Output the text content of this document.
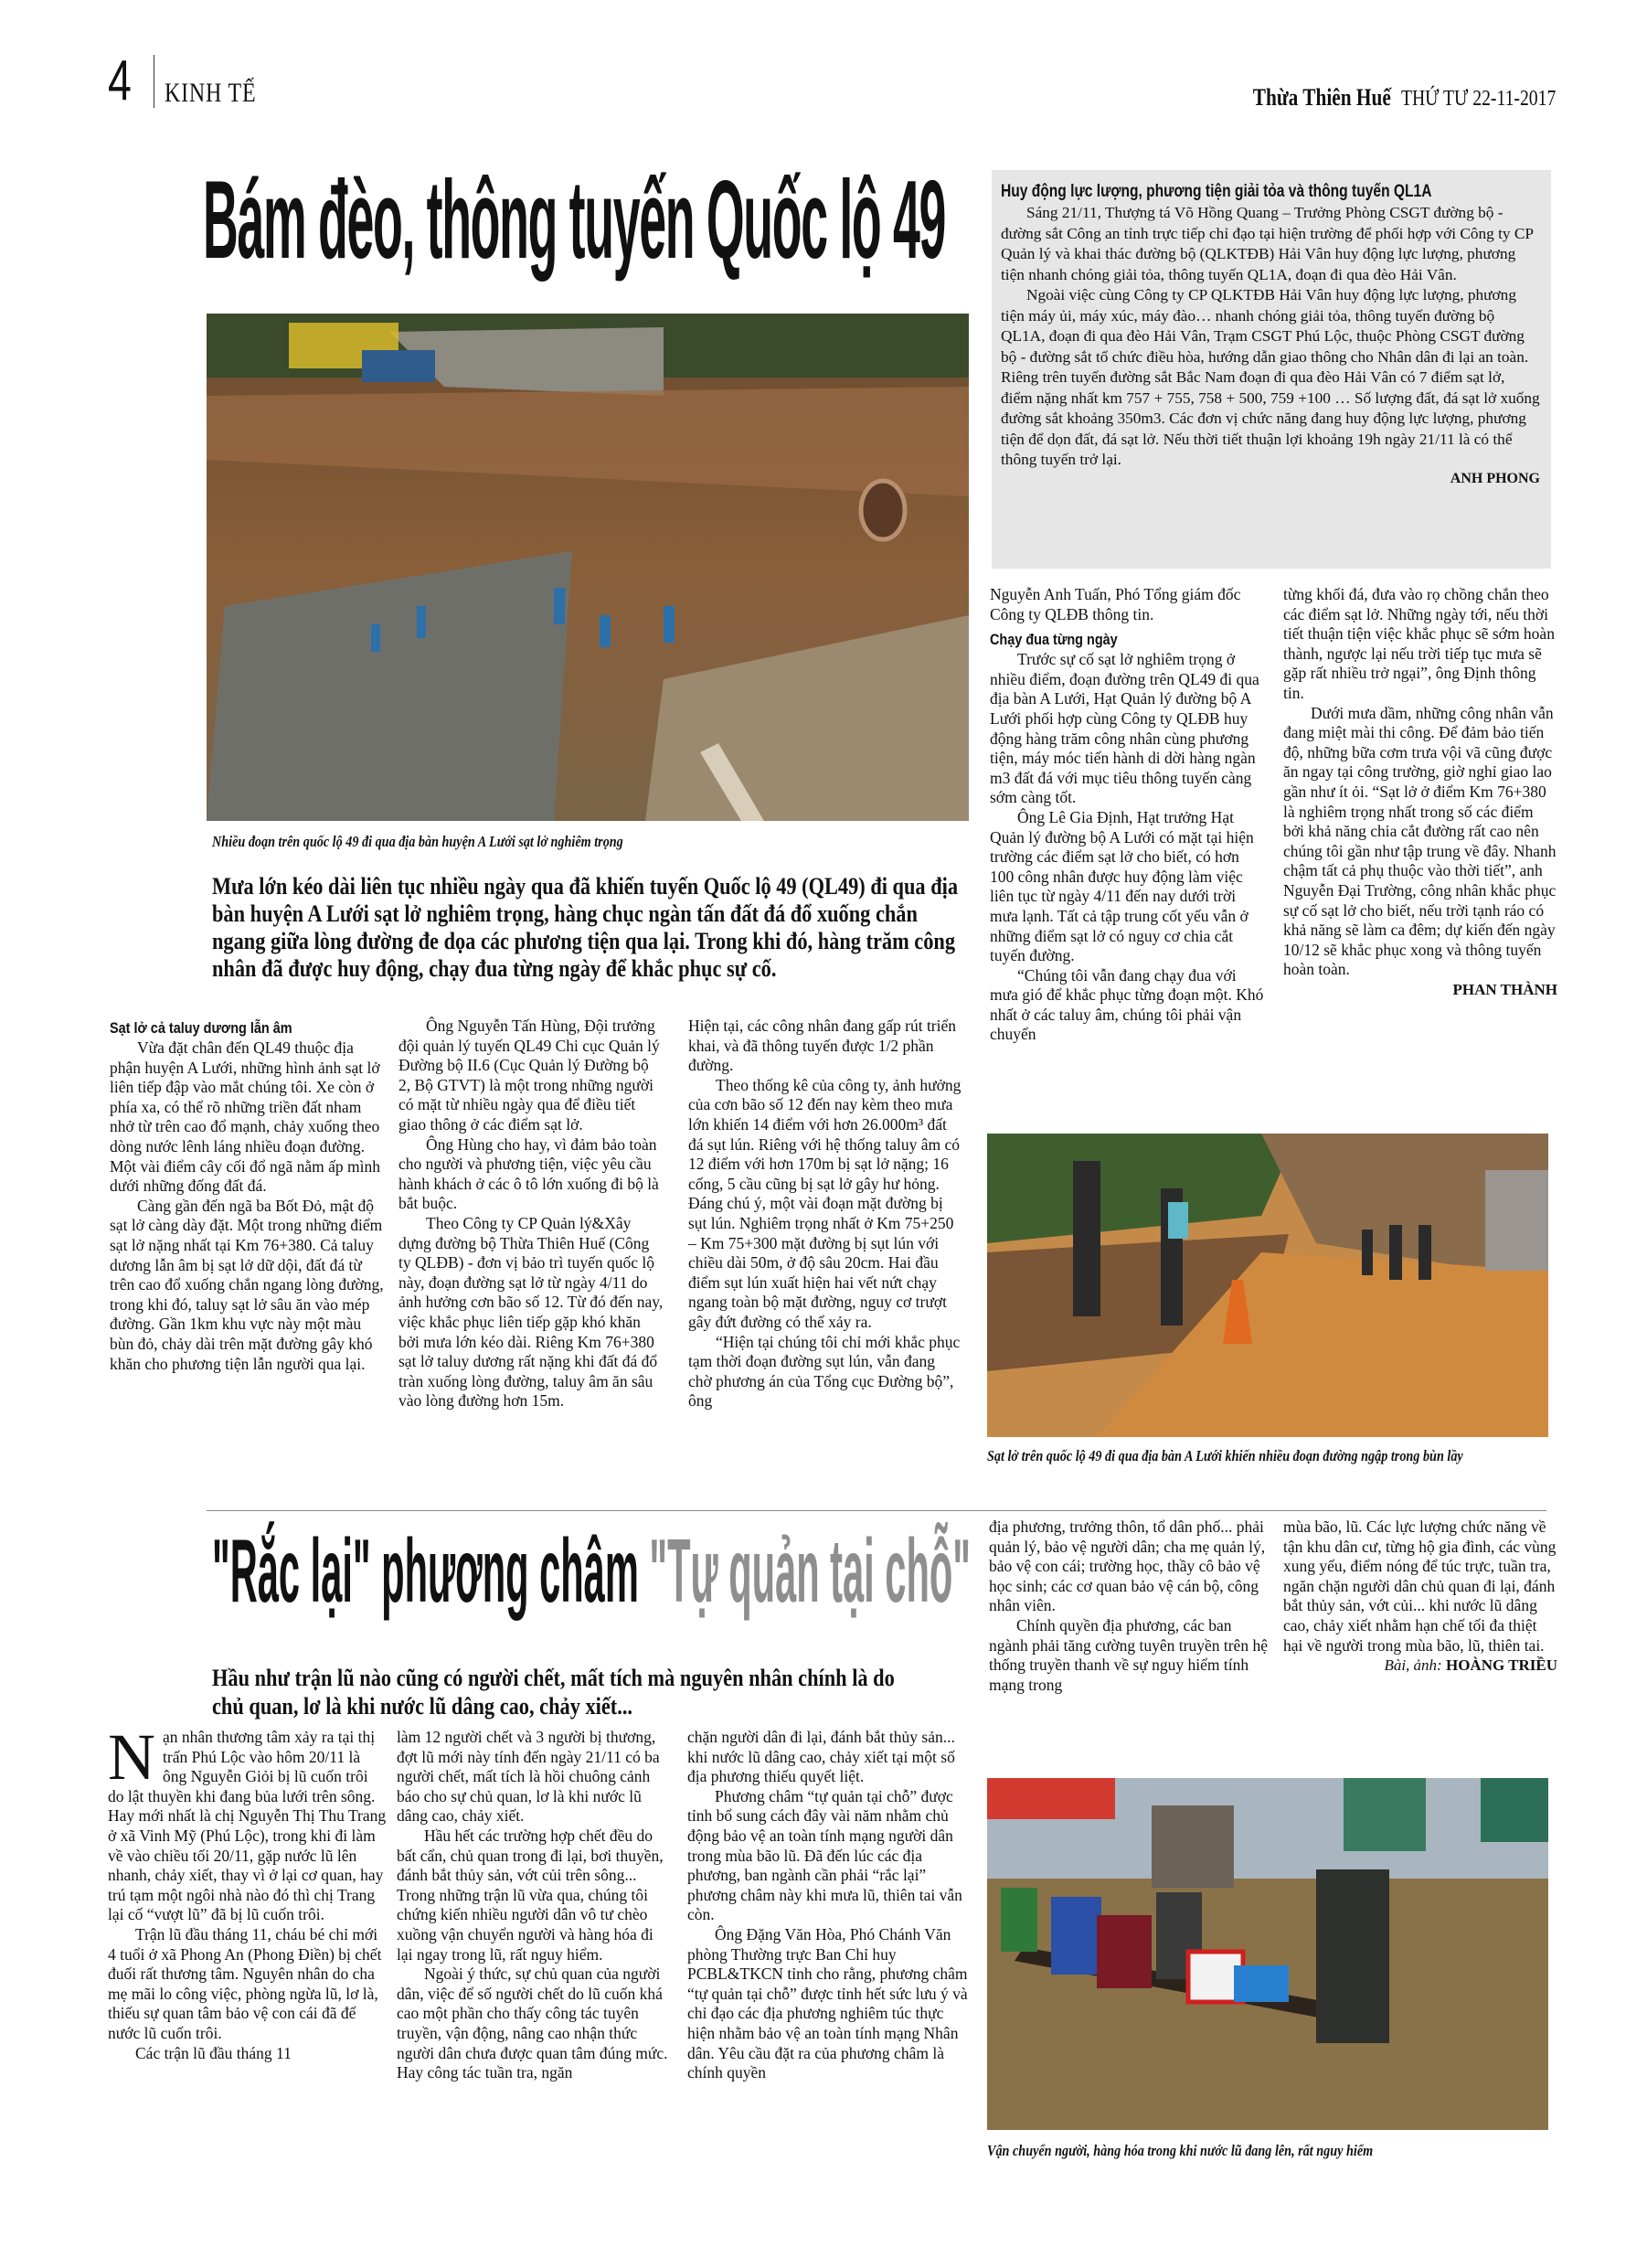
4 KINH TẾ	Thừa Thiên Huế THỨ TƯ 22-11-2017
Bám đèo, thông tuyến Quốc lộ 49
Nhiều đoạn trên quốc lộ 49 đi qua địa bàn huyện A Lưới sạt lở nghiêm trọng
Huy động lực lượng, phương tiện giải tỏa và thông tuyến QL1A

Sáng 21/11, Thượng tá Võ Hồng Quang – Trưởng Phòng CSGT đường bộ - đường sắt Công an tỉnh trực tiếp chỉ đạo tại hiện trường để phối hợp với Công ty CP Quản lý và khai thác đường bộ (QLKTĐB) Hải Vân huy động lực lượng, phương tiện nhanh chóng giải tỏa, thông tuyến QL1A, đoạn đi qua đèo Hải Vân.

Ngoài việc cùng Công ty CP QLKTĐB Hải Vân huy động lực lượng, phương tiện máy ủi, máy xúc, máy đào… nhanh chóng giải tỏa, thông tuyến đường bộ QL1A, đoạn đi qua đèo Hải Vân, Trạm CSGT Phú Lộc, thuộc Phòng CSGT đường bộ - đường sắt tổ chức điều hòa, hướng dẫn giao thông cho Nhân dân đi lại an toàn. Riêng trên tuyến đường sắt Bắc Nam đoạn đi qua đèo Hải Vân có 7 điểm sạt lở, điểm nặng nhất km 757 + 755, 758 + 500, 759 +100 … Số lượng đất, đá sạt lở xuống đường sắt khoảng 350m3. Các đơn vị chức năng đang huy động lực lượng, phương tiện để dọn đất, đá sạt lở. Nếu thời tiết thuận lợi khoảng 19h ngày 21/11 là có thể thông tuyến trở lại.

ANH PHONG
Mưa lớn kéo dài liên tục nhiều ngày qua đã khiến tuyến Quốc lộ 49 (QL49) đi qua địa bàn huyện A Lưới sạt lở nghiêm trọng, hàng chục ngàn tấn đất đá đổ xuống chắn ngang giữa lòng đường đe dọa các phương tiện qua lại. Trong khi đó, hàng trăm công nhân đã được huy động, chạy đua từng ngày để khắc phục sự cố.
Sạt lở cả taluy dương lẫn âm

Vừa đặt chân đến QL49 thuộc địa phận huyện A Lưới, những hình ảnh sạt lở liên tiếp đập vào mắt chúng tôi. Xe còn ở phía xa, có thể rõ những triền đất nham nhở từ trên cao đổ mạnh, chảy xuống theo dòng nước lênh láng nhiều đoạn đường. Một vài điểm cây cối đổ ngã nằm ấp mình dưới những đống đất đá.

Càng gần đến ngã ba Bốt Đỏ, mật độ sạt lở càng dày đặt. Một trong những điểm sạt lở nặng nhất tại Km 76+380. Cả taluy dương lẫn âm bị sạt lở dữ dội, đất đá từ trên cao đổ xuống chắn ngang lòng đường, trong khi đó, taluy sạt lở sâu ăn vào mép đường. Gần 1km khu vực này một màu bùn đỏ, chảy dài trên mặt đường gây khó khăn cho phương tiện lẫn người qua lại.

Ông Nguyễn Tấn Hùng, Đội trưởng đội quản lý tuyến QL49 Chi cục Quản lý Đường bộ II.6 (Cục Quản lý Đường bộ 2, Bộ GTVT) là một trong những người có mặt từ nhiều ngày qua để điều tiết giao thông ở các điểm sạt lở.

Ông Hùng cho hay, vì đảm bảo toàn cho người và phương tiện, việc yêu cầu hành khách ở các ô tô lớn xuống đi bộ là bắt buộc.

Theo Công ty CP Quản lý&Xây dựng đường bộ Thừa Thiên Huế (Công ty QLĐB) - đơn vị bảo trì tuyến quốc lộ này, đoạn đường sạt lở từ ngày 4/11 do ảnh hưởng cơn bão số 12. Từ đó đến nay, việc khắc phục liên tiếp gặp khó khăn bởi mưa lớn kéo dài. Riêng Km 76+380 sạt lở taluy dương rất nặng khi đất đá đổ tràn xuống lòng đường, taluy âm ăn sâu vào lòng đường hơn 15m.

Hiện tại, các công nhân đang gấp rút triển khai, và đã thông tuyến được 1/2 phần đường.

Theo thống kê của công ty, ảnh hưởng của cơn bão số 12 đến nay kèm theo mưa lớn khiến 14 điểm với hơn 26.000m³ đất đá sụt lún. Riêng với hệ thống taluy âm có 12 điểm với hơn 170m bị sạt lở nặng; 16 cống, 5 cầu cũng bị sạt lở gây hư hỏng. Đáng chú ý, một vài đoạn mặt đường bị sụt lún. Nghiêm trọng nhất ở Km 75+250 – Km 75+300 mặt đường bị sụt lún với chiều dài 50m, ở độ sâu 20cm. Hai đầu điểm sụt lún xuất hiện hai vết nứt chạy ngang toàn bộ mặt đường, nguy cơ trượt gây đứt đường có thể xảy ra.

“Hiện tại chúng tôi chỉ mới khắc phục tạm thời đoạn đường sụt lún, vẫn đang chờ phương án của Tổng cục Đường bộ”, ông

Nguyễn Anh Tuấn, Phó Tổng giám đốc Công ty QLĐB thông tin.

Chạy đua từng ngày

Trước sự cố sạt lở nghiêm trọng ở nhiều điểm, đoạn đường trên QL49 đi qua địa bàn A Lưới, Hạt Quản lý đường bộ A Lưới phối hợp cùng Công ty QLĐB huy động hàng trăm công nhân cùng phương tiện, máy móc tiến hành di dời hàng ngàn m3 đất đá với mục tiêu thông tuyến càng sớm càng tốt.

Ông Lê Gia Định, Hạt trưởng Hạt Quản lý đường bộ A Lưới có mặt tại hiện trường các điểm sạt lở cho biết, có hơn 100 công nhân được huy động làm việc liên tục từ ngày 4/11 đến nay dưới trời mưa lạnh. Tất cả tập trung cốt yếu vẫn ở những điểm sạt lở có nguy cơ chia cắt tuyến đường.

“Chúng tôi vẫn đang chạy đua với mưa gió để khắc phục từng đoạn một. Khó nhất ở các taluy âm, chúng tôi phải vận chuyển

từng khối đá, đưa vào rọ chồng chắn theo các điểm sạt lở. Những ngày tới, nếu thời tiết thuận tiện việc khắc phục sẽ sớm hoàn thành, ngược lại nếu trời tiếp tục mưa sẽ gặp rất nhiều trở ngại”, ông Định thông tin.

Dưới mưa dầm, những công nhân vẫn đang miệt mài thi công. Để đảm bảo tiến độ, những bữa cơm trưa vội vã cũng được ăn ngay tại công trường, giờ nghỉ giao lao gần như ít ỏi. “Sạt lở ở điểm Km 76+380 là nghiêm trọng nhất trong số các điểm bởi khả năng chia cắt đường rất cao nên chúng tôi gần như tập trung về đây. Nhanh chậm tất cả phụ thuộc vào thời tiết”, anh Nguyễn Đại Trường, công nhân khắc phục sự cố sạt lở cho biết, nếu trời tạnh ráo có khả năng sẽ làm ca đêm; dự kiến đến ngày 10/12 sẽ khắc phục xong và thông tuyến hoàn toàn.

PHAN THÀNH
Sạt lở trên quốc lộ 49 đi qua địa bàn A Lưới khiến nhiều đoạn đường ngập trong bùn lầy
"Rắc lại" phương châm "Tự quản tại chỗ"
Hầu như trận lũ nào cũng có người chết, mất tích mà nguyên nhân chính là do chủ quan, lơ là khi nước lũ dâng cao, chảy xiết...

Nạn nhân thương tâm xảy ra tại thị trấn Phú Lộc vào hôm 20/11 là ông Nguyễn Giỏi bị lũ cuốn trôi do lật thuyền khi đang bủa lưới trên sông. Hay mới nhất là chị Nguyễn Thị Thu Trang ở xã Vinh Mỹ (Phú Lộc), trong khi đi làm về vào chiều tối 20/11, gặp nước lũ lên nhanh, chảy xiết, thay vì ở lại cơ quan, hay trú tạm một ngôi nhà nào đó thì chị Trang lại cố “vượt lũ” đã bị lũ cuốn trôi.

Trận lũ đầu tháng 11, cháu bé chỉ mới 4 tuổi ở xã Phong An (Phong Điền) bị chết đuối rất thương tâm. Nguyên nhân do cha mẹ mãi lo công việc, phòng ngừa lũ, lơ là, thiếu sự quan tâm bảo vệ con cái đã để nước lũ cuốn trôi.

Các trận lũ đầu tháng 11

làm 12 người chết và 3 người bị thương, đợt lũ mới này tính đến ngày 21/11 có ba người chết, mất tích là hồi chuông cảnh báo cho sự chủ quan, lơ là khi nước lũ dâng cao, chảy xiết.

Hầu hết các trường hợp chết đều do bất cẩn, chủ quan trong đi lại, bơi thuyền, đánh bắt thủy sản, vớt củi trên sông... Trong những trận lũ vừa qua, chúng tôi chứng kiến nhiều người dân vô tư chèo xuồng vận chuyển người và hàng hóa đi lại ngay trong lũ, rất nguy hiểm.

Ngoài ý thức, sự chủ quan của người dân, việc để số người chết do lũ cuốn khá cao một phần cho thấy công tác tuyên truyền, vận động, nâng cao nhận thức người dân chưa được quan tâm đúng mức. Hay công tác tuần tra, ngăn

chặn người dân đi lại, đánh bắt thủy sản... khi nước lũ dâng cao, chảy xiết tại một số địa phương thiếu quyết liệt.

Phương châm “tự quản tại chỗ” được tỉnh bổ sung cách đây vài năm nhằm chủ động bảo vệ an toàn tính mạng người dân trong mùa bão lũ. Đã đến lúc các địa phương, ban ngành cần phải “rắc lại” phương châm này khi mưa lũ, thiên tai vẫn còn.

Ông Đặng Văn Hòa, Phó Chánh Văn phòng Thường trực Ban Chỉ huy PCBL&TKCN tỉnh cho rằng, phương châm “tự quản tại chỗ” được tỉnh hết sức lưu ý và chỉ đạo các địa phương nghiêm túc thực hiện nhằm bảo vệ an toàn tính mạng Nhân dân. Yêu cầu đặt ra của phương châm là chính quyền

địa phương, trưởng thôn, tổ dân phố... phải quản lý, bảo vệ người dân; cha mẹ quản lý, bảo vệ con cái; trường học, thầy cô bảo vệ học sinh; các cơ quan bảo vệ cán bộ, công nhân viên.

Chính quyền địa phương, các ban ngành phải tăng cường tuyên truyền trên hệ thống truyền thanh về sự nguy hiểm tính mạng trong

mùa bão, lũ. Các lực lượng chức năng về tận khu dân cư, từng hộ gia đình, các vùng xung yếu, điểm nóng để túc trực, tuần tra, ngăn chặn người dân chủ quan đi lại, đánh bắt thủy sản, vớt củi... khi nước lũ dâng cao, chảy xiết nhằm hạn chế tối đa thiệt hại về người trong mùa bão, lũ, thiên tai.

Bài, ảnh: HOÀNG TRIỀU
Vận chuyển người, hàng hóa trong khi nước lũ đang lên, rất nguy hiểm
